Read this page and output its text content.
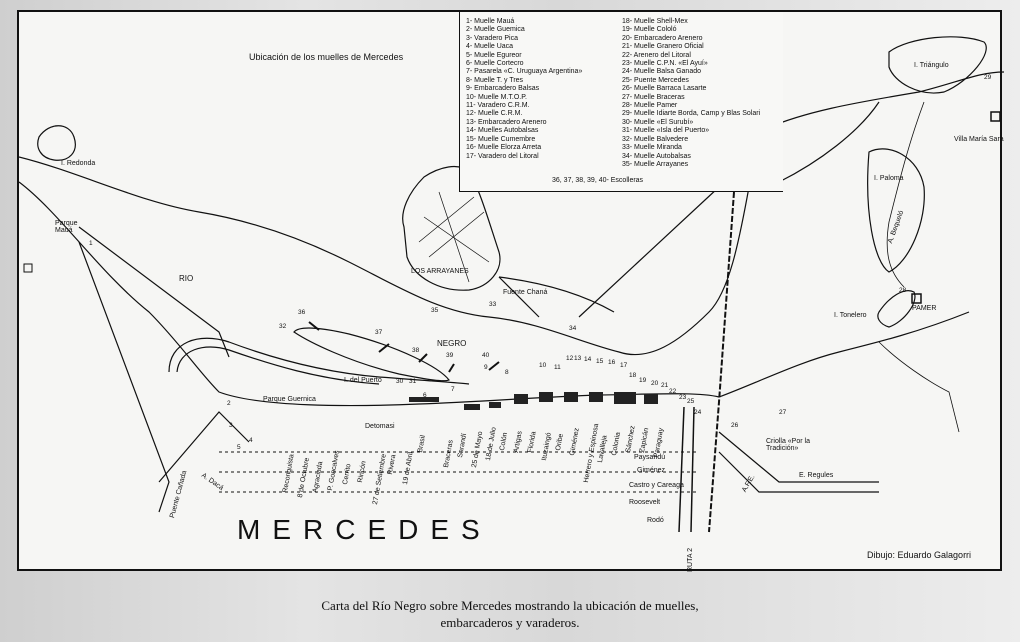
Ubicación de los muelles de Mercedes
1- Muelle Mauá
2- Muelle Guemica
3- Varadero Pica
4- Muelle Uaca
5- Muelle Egureor
6- Muelle Cortecro
7- Pasarela «C. Uruguaya Argentina»
8- Muelle T. y Tres
9- Embarcadero Balsas
10- Muelle M.T.O.P.
11- Varadero C.R.M.
12- Muelle C.R.M.
13- Embarcadero Arenero
14- Muelles Autobalsas
15- Muelle Cumembre
16- Muelle Elorza Arreta
17- Varadero del Litoral
18- Muelle Shell-Mex
19- Muelle Cololó
20- Embarcadero Arenero
21- Muelle Granero Oficial
22- Arenero del Litoral
23- Muelle C.P.N. «El Ayuí»
24- Muelle Balsa Ganado
25- Puente Mercedes
26- Muelle Barraca Lasarte
27- Muelle Braceras
28- Muelle Pamer
29- Muelle Idiarte Borda, Camp y Blas Solari
30- Muelle «El Surubí»
31- Muelle «Isla del Puerto»
32- Muelle Balvedere
33- Muelle Miranda
34- Muelle Autobalsas
35- Muelle Arrayanes
36, 37, 38, 39, 40- Escolleras
I. Redonda
Parque Mauá
RIO
NEGRO
LOS ARRAYANES
Fuente Chaná
I. del Puerto
Parque Guernica
Detomasi
I. Triángulo
Villa María Sara
I. Paloma
A. Bequeló
I. Tonelero
PAMER
Criolla «Por la Tradición»
E. Regules
Paysandú
Giménez
Castro y Careaga
Roosevelt
Rodó
RUTA 2
A.F.E.
A. Dacá
Puente Cañada	Reconquista 8 de Octubre Agraciada P. Goncalves Cerrito Rincón 27 de Setiembre Rivera 19 de Abril
Brasil Braceras Sarandí 25 de Mayo 18 de Julio Colón Artigas Florida Ituzaingó Oribe Giménez Herrero y Espinosa
Lavalleja Colonia Sánchez Zapicán Paraguay
1
2
3
4
5
6
7
8
9	10 11
12 13 14 15 16 17
18
19 20 21
22
23
24
25
26
27
28
29
30 31
32
33
34
35
36
37
38
39	40
MERCEDES
Dibujo: Eduardo Galagorri
Carta del Río Negro sobre Mercedes mostrando la ubicación de muelles,
embarcaderos y varaderos.
